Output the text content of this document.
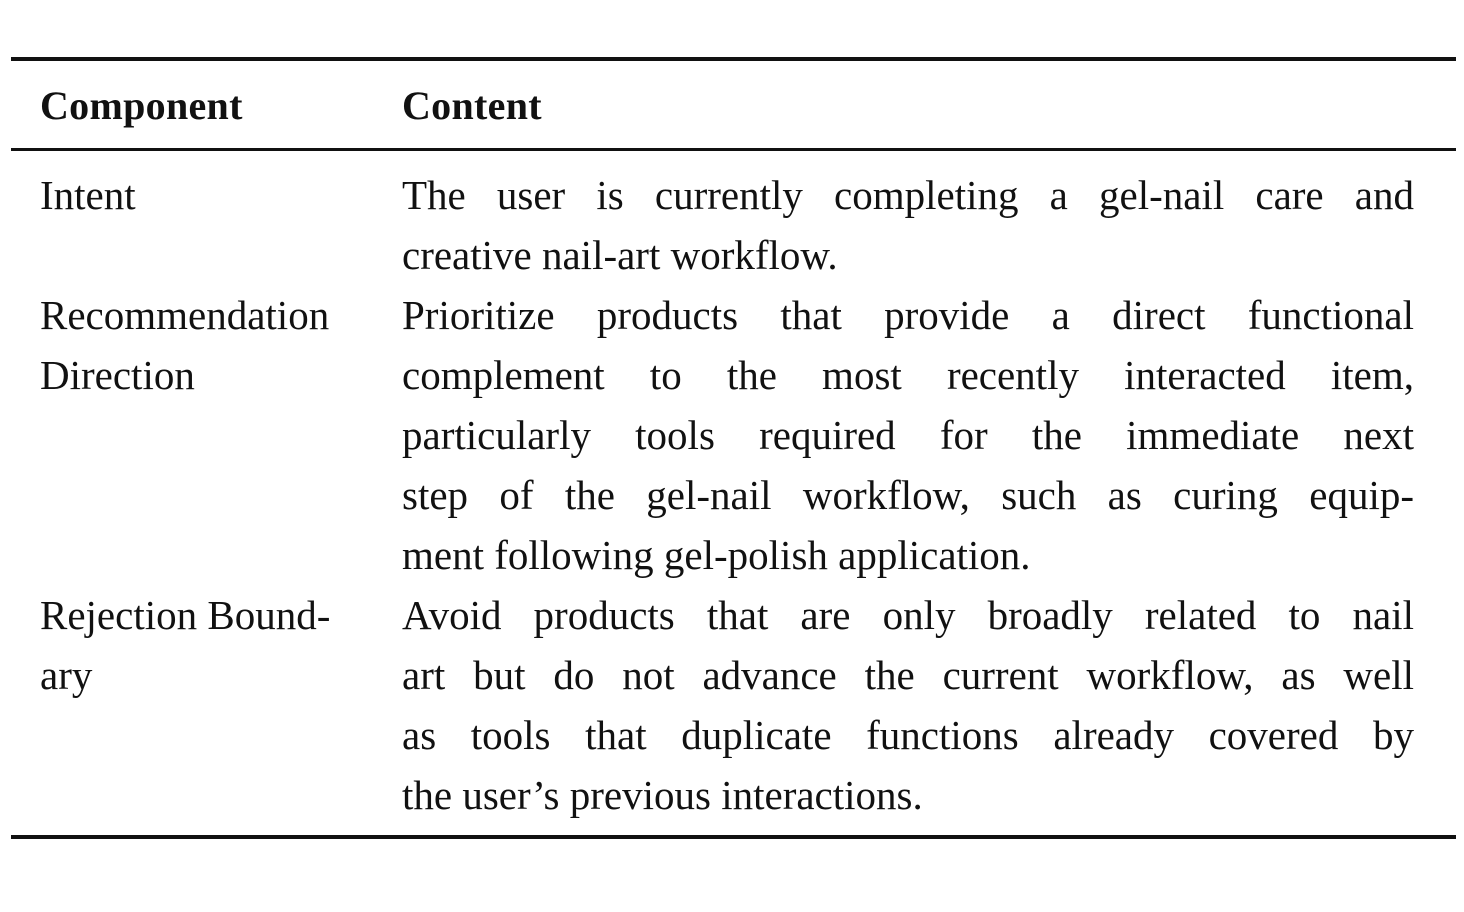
Component	Content
Intent	The user is currently completing a gel-nail care and
creative nail-art workflow.
Recommendation
Direction
Prioritize products that provide a direct functional
complement to the most recently interacted item,
particularly tools required for the immediate next
step of the gel-nail workflow, such as curing equip-
ment following gel-polish application.
Rejection Bound-
ary
Avoid products that are only broadly related to nail
art but do not advance the current workflow, as well
as tools that duplicate functions already covered by
the user’s previous interactions.
